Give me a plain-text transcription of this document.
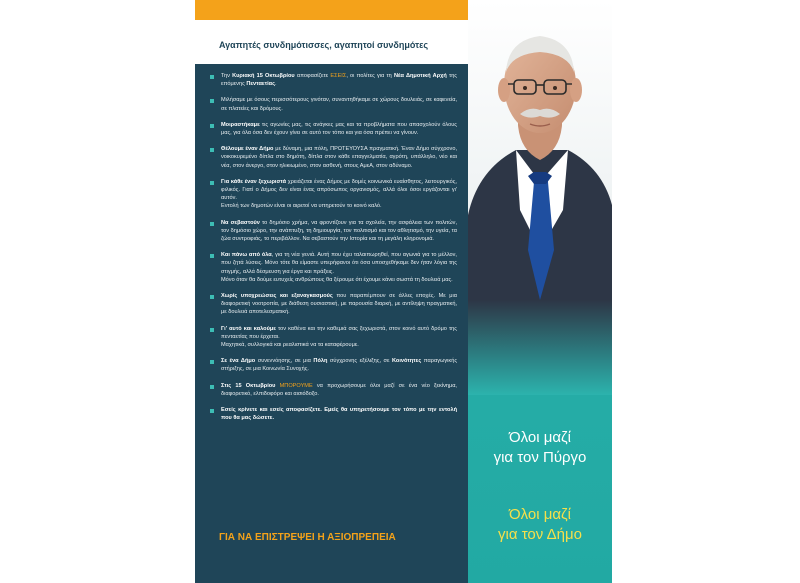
Αγαπητές συνδημότισσες, αγαπητοί συνδημότες
Την Κυριακή 15 Οκτωβρίου αποφασίζετε ΕΣΕΙΣ, οι πολίτες για τη Νέα Δημοτική Αρχή της επόμενης Πενταετίας.
Μιλήσαμε με όσους περισσότερους γινόταν, συναντηθήκαμε σε χώρους δουλειάς, σε καφενεία, σε πλατείες και δρόμους.
Μοιραστήκαμε τις αγωνίες μας, τις ανάγκες μας και τα προβλήματα που απασχολούν όλους μας, για όλα όσα δεν έχουν γίνει σε αυτό τον τόπο και για όσα πρέπει να γίνουν.
Θέλουμε έναν Δήμο με δύναμη, μια πόλη, ΠΡΩΤΕΥΟΥΣΑ πραγματική. Έναν Δήμο σύγχρονο, νοικοκυρεμένο δίπλα στο δημότη, δίπλα στον κάθε επαγγελματία, αγρότη, υπάλληλο, νέο και νέα, στον άνεργο, στον ηλικιωμένο, στον ασθενή, στους ΑμεΑ, στον αδύναμο.
Για κάθε έναν ξεχωριστά χρειάζεται ένας Δήμος με δομές κοινωνικά ευαίσθητος, λειτουργικός, φιλικός. Γιατί ο Δήμος δεν είναι ένας απρόσωπος οργανισμός, αλλά όλοι όσοι εργάζονται γι' αυτόν.
Εντολή των δημοτών είναι οι αιρετοί να υπηρετούν το κοινό καλό.
Να σεβαστούν το δημόσιο χρήμα, να φροντίζουν για τα σχολεία, την ασφάλεια των πολιτών, τον δημόσιο χώρο, την ανάπτυξη, τη δημιουργία, τον πολιτισμό και τον αθλητισμό, την υγεία, τα ζώα συντροφιάς, το περιβάλλον. Να σεβαστούν την Ιστορία και τη μεγάλη κληρονομιά.
Και πάνω από όλα, για τη νέα γενιά. Αυτή που έχει ταλαιπωρηθεί, που αγωνιά για το μέλλον, που ζητά λύσεις. Μόνο τότε θα είμαστε υπερήφανοι ότι όσα υποσχεθήκαμε δεν ήταν λόγια της στιγμής, αλλά δέσμευση για έργα και πράξεις.
Μόνο όταν θα δούμε ευτυχείς ανθρώπους θα ξέρουμε ότι έχουμε κάνει σωστά τη δουλειά μας.
Χωρίς υποχρεώσεις και εξαναγκασμούς που παραπέμπουν σε άλλες εποχές. Με μια διαφορετική νοοτροπία, με διάθεση ουσιαστική, με παρουσία διαρκή, με αντίληψη πραγματική, με δουλειά αποτελεσματική.
Γι' αυτό και καλούμε τον καθένα και την καθεμιά σας ξεχωριστά, στον κοινό αυτό δρόμο της πενταετίας που έρχεται.
Μαχητικά, συλλογικά και ρεαλιστικά να τα καταφέρουμε.
Σε ένα Δήμο συνεννόησης, σε μια Πόλη σύγχρονης εξέλιξης, σε Κοινότητες παραγωγικής στήριξης, σε μια Κοινωνία Συνοχής.
Στις 15 Οκτωβρίου ΜΠΟΡΟΥΜΕ να προχωρήσουμε όλοι μαζί σε ένα νέο ξεκίνημα, διαφορετικό, ελπιδοφόρο και αισιόδοξο.
Εσείς κρίνετε και εσείς αποφασίζετε. Εμείς θα υπηρετήσουμε τον τόπο με την εντολή που θα μας δώσετε.
ΓΙΑ ΝΑ ΕΠΙΣΤΡΕΨΕΙ Η ΑΞΙΟΠΡΕΠΕΙΑ
Όλοι μαζί
για τον Πύργο
Όλοι μαζί
για τον Δήμο
